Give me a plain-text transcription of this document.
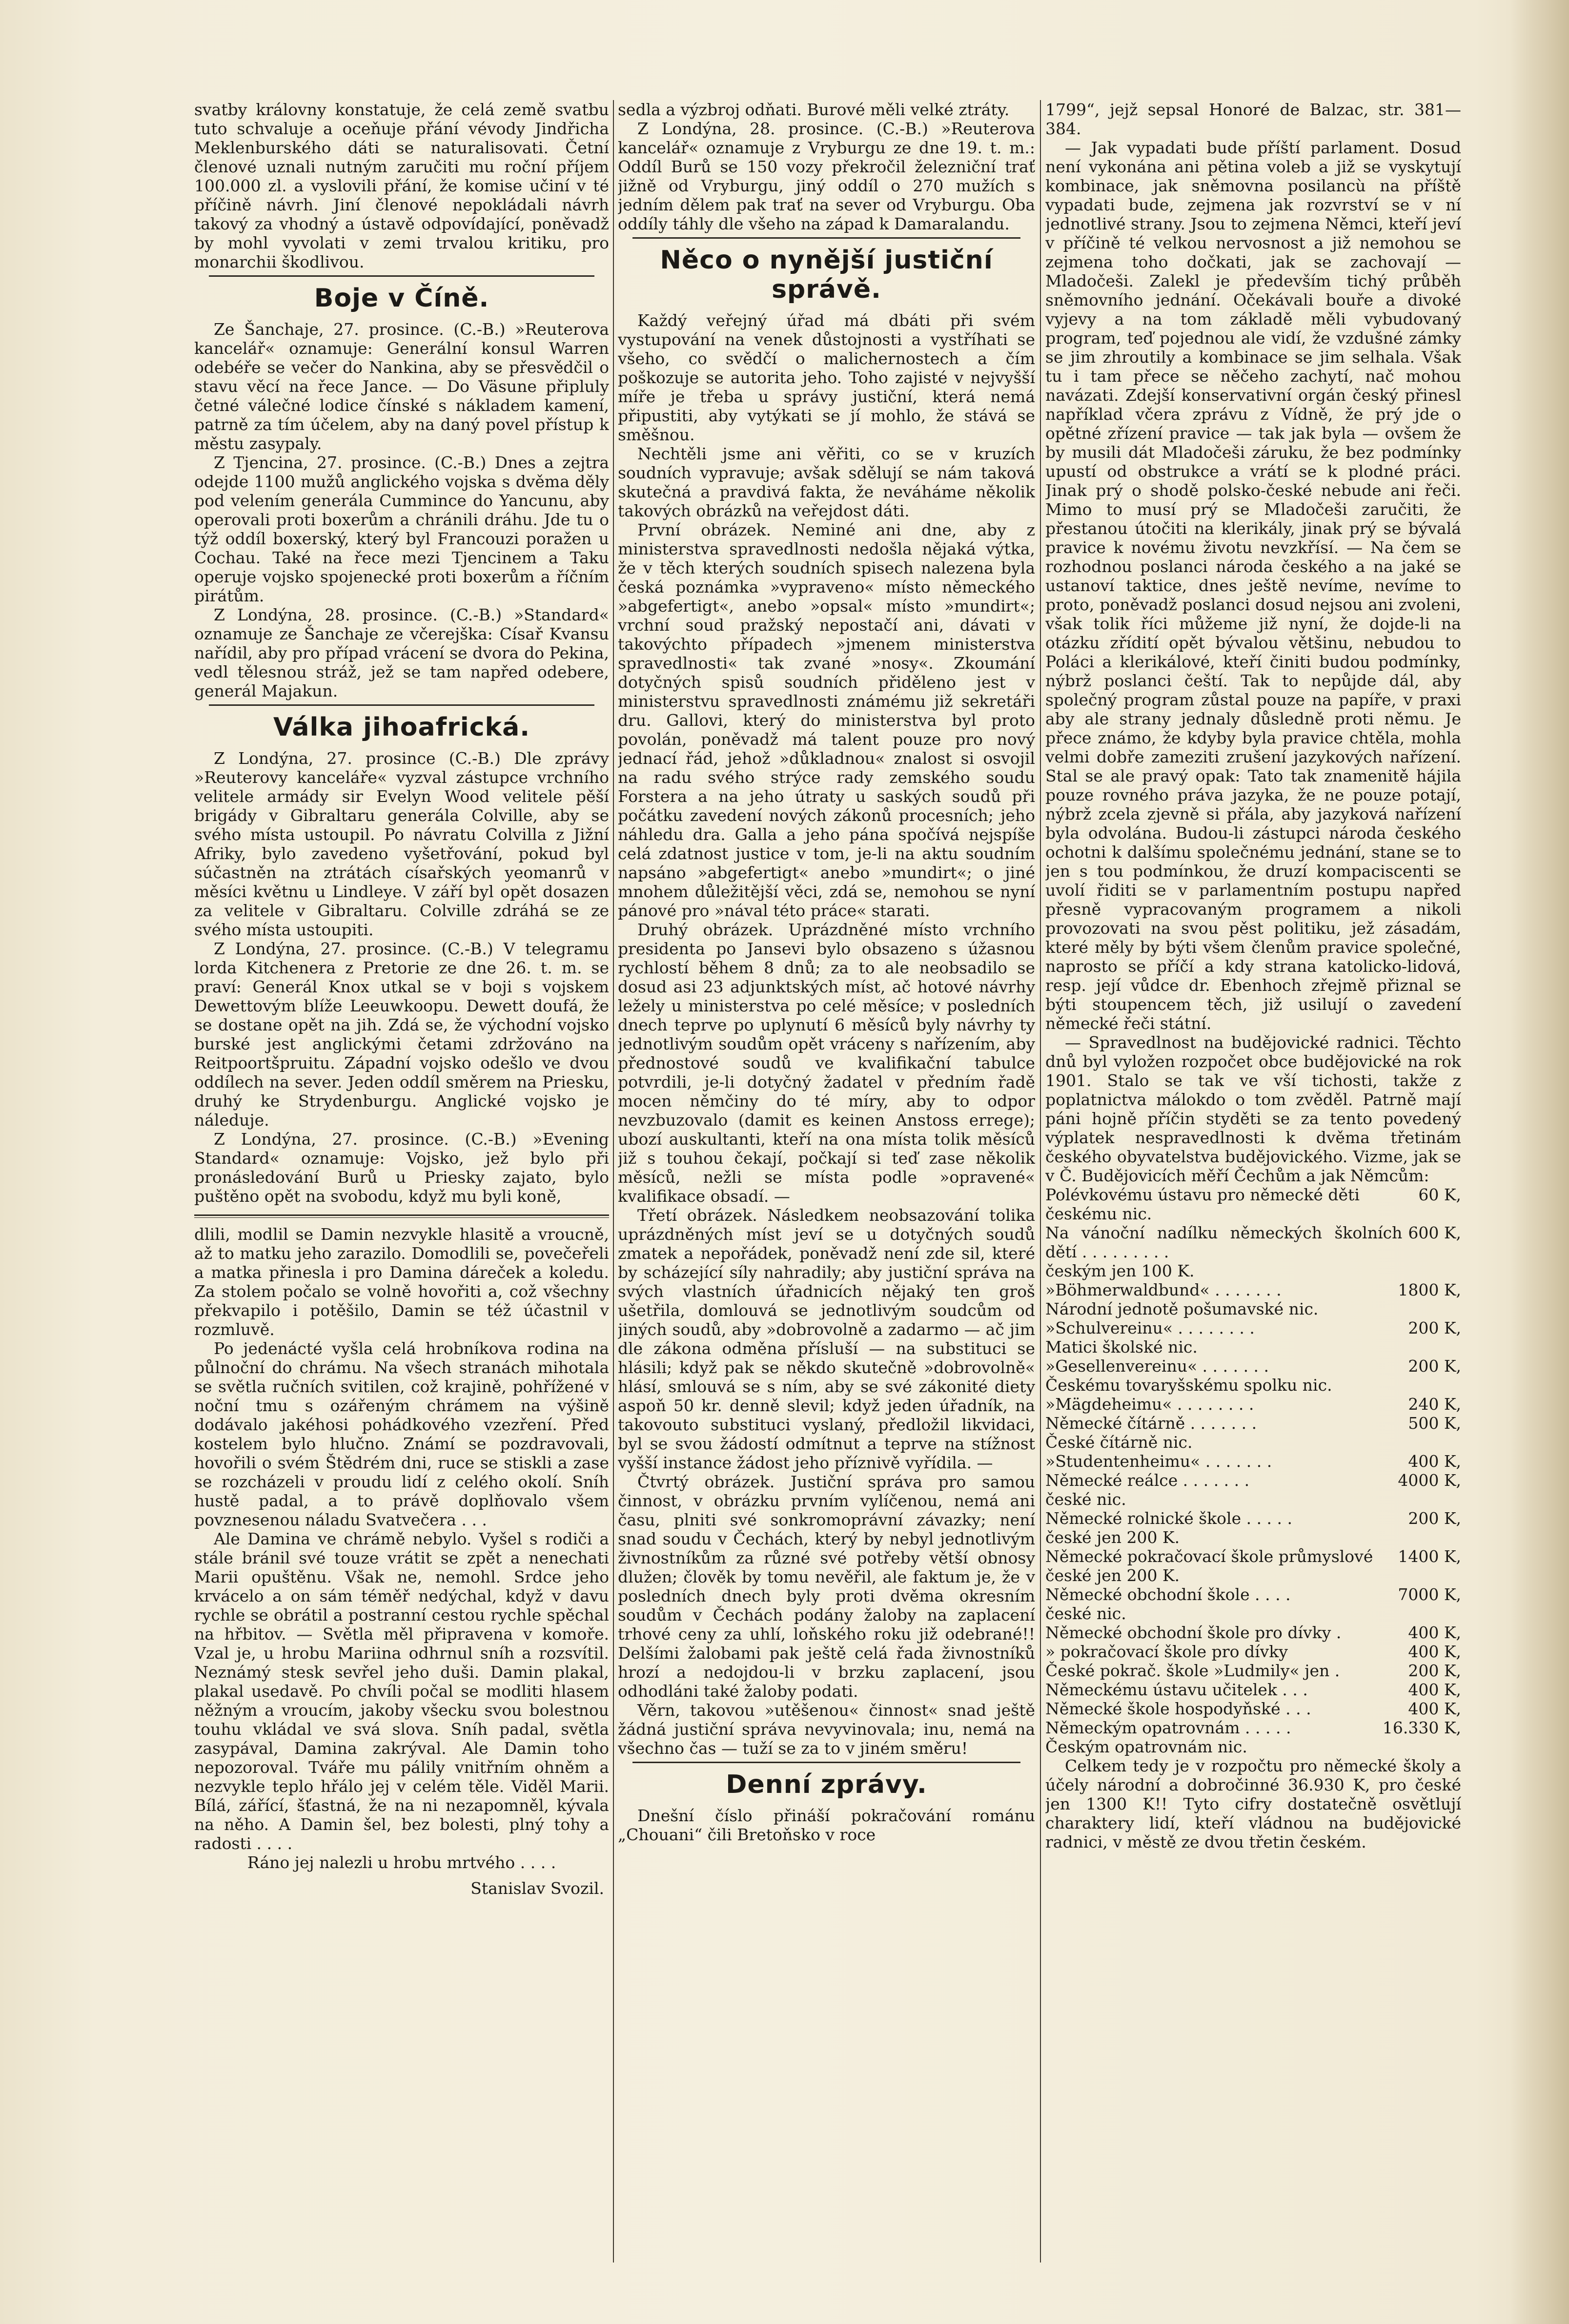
svatby královny konstatuje, že celá země svatbu tuto schvaluje a oceňuje přání vévody Jindřicha Meklenburského dáti se naturalisovati. Četní členové uznali nutným zaručiti mu roční příjem 100.000 zl. a vyslovili přání, že komise učiní v té příčině návrh. Jiní členové nepokládali návrh takový za vhodný a ústavě odpovídající, poněvadž by mohl vyvolati v zemi trvalou kritiku, pro monarchii škodlivou.

Boje v Číně.

Ze Šanchaje, 27. prosince. (C.-B.) »Reuterova kancelář« oznamuje: Generální konsul Warren odebéře se večer do Nankina, aby se přesvědčil o stavu věcí na řece Jance. — Do Väsune připluly četné válečné lodice čínské s nákladem kamení, patrně za tím účelem, aby na daný povel přístup k městu zasypaly.

Z Tjencina, 27. prosince. (C.-B.) Dnes a zejtra odejde 1100 mužů anglického vojska s dvěma děly pod velením generála Cummince do Yancunu, aby operovali proti boxerům a chránili dráhu. Jde tu o týž oddíl boxerský, který byl Francouzi poražen u Cochau. Také na řece mezi Tjencinem a Taku operuje vojsko spojenecké proti boxerům a říčním pirátům.

Z Londýna, 28. prosince. (C.-B.) »Standard« oznamuje ze Šanchaje ze včerejška: Císař Kvansu nařídil, aby pro případ vrácení se dvora do Pekina, vedl tělesnou stráž, jež se tam napřed odebere, generál Majakun.

Válka jihoafrická.

Z Londýna, 27. prosince (C.-B.) Dle zprávy »Reuterovy kanceláře« vyzval zástupce vrchního velitele armády sir Evelyn Wood velitele pěší brigády v Gibraltaru generála Colville, aby se svého místa ustoupil. Po návratu Colvilla z Jižní Afriky, bylo zavedeno vyšetřování, pokud byl súčastněn na ztrátách císařských yeomanrů v měsíci květnu u Lindleye. V září byl opět dosazen za velitele v Gibraltaru. Colville zdráhá se ze svého místa ustoupiti.

Z Londýna, 27. prosince. (C.-B.) V telegramu lorda Kitchenera z Pretorie ze dne 26. t. m. se praví: Generál Knox utkal se v boji s vojskem Dewettovým blíže Leeuwkoopu. Dewett doufá, že se dostane opět na jih. Zdá se, že východní vojsko burské jest anglickými četami zdržováno na Reitpoortšpruitu. Západní vojsko odešlo ve dvou oddílech na sever. Jeden oddíl směrem na Priesku, druhý ke Strydenburgu. Anglické vojsko je náleduje.

Z Londýna, 27. prosince. (C.-B.) »Evening Standard« oznamuje: Vojsko, jež bylo při pronásledování Burů u Priesky zajato, bylo puštěno opět na svobodu, když mu byli koně,

dlili, modlil se Damin nezvykle hlasitě a vroucně, až to matku jeho zarazilo. Domodlili se, povečeřeli a matka přinesla i pro Damina dáreček a koledu. Za stolem počalo se volně hovořiti a, což všechny překvapilo i potěšilo, Damin se též účastnil v rozmluvě.

Po jedenácté vyšla celá hrobníkova rodina na půlnoční do chrámu. Na všech stranách mihotala se světla ručních svitilen, což krajině, pohřížené v noční tmu s ozářeným chrámem na výšině dodávalo jakéhosi pohádkového vzezření. Před kostelem bylo hlučno. Známí se pozdravovali, hovořili o svém Štědrém dni, ruce se stiskli a zase se rozcházeli v proudu lidí z celého okolí. Sníh hustě padal, a to právě doplňovalo všem povznesenou náladu Svatvečera . . .

Ale Damina ve chrámě nebylo. Vyšel s rodiči a stále bránil své touze vrátit se zpět a nenechati Marii opuštěnu. Však ne, nemohl. Srdce jeho krvácelo a on sám téměř nedýchal, když v davu rychle se obrátil a postranní cestou rychle spěchal na hřbitov. — Světla měl připravena v komoře. Vzal je, u hrobu Mariina odhrnul sníh a rozsvítil. Neznámý stesk sevřel jeho duši. Damin plakal, plakal usedavě. Po chvíli počal se modliti hlasem něžným a vroucím, jakoby všecku svou bolestnou touhu vkládal ve svá slova. Sníh padal, světla zasypával, Damina zakrýval. Ale Damin toho nepozoroval. Tváře mu pálily vnitřním ohněm a nezvykle teplo hřálo jej v celém těle. Viděl Marii. Bílá, zářící, šťastná, že na ni nezapomněl, kývala na něho. A Damin šel, bez bolesti, plný tohy a radosti . . . .

Ráno jej nalezli u hrobu mrtvého . . . .

Stanislav Svozil.

sedla a výzbroj odňati. Burové měli velké ztráty.

Z Londýna, 28. prosince. (C.-B.) »Reuterova kancelář« oznamuje z Vryburgu ze dne 19. t. m.: Oddíl Burů se 150 vozy překročil železniční trať jižně od Vryburgu, jiný oddíl o 270 mužích s jedním dělem pak trať na sever od Vryburgu. Oba oddíly táhly dle všeho na západ k Damaralandu.

Něco o nynější justiční správě.

Každý veřejný úřad má dbáti při svém vystupování na venek důstojnosti a vystříhati se všeho, co svědčí o malichernostech a čím poškozuje se autorita jeho. Toho zajisté v nejvyšší míře je třeba u správy justiční, která nemá připustiti, aby vytýkati se jí mohlo, že stává se směšnou.

Nechtěli jsme ani věřiti, co se v kruzích soudních vypravuje; avšak sdělují se nám taková skutečná a pravdivá fakta, že neváháme několik takových obrázků na veřejdost dáti.

První obrázek. Neminé ani dne, aby z ministerstva spravedlnosti nedošla nějaká výtka, že v těch kterých soudních spisech nalezena byla česká poznámka »vypraveno« místo německého »abgefertigt«, anebo »opsal« místo »mundirt«; vrchní soud pražský nepostačí ani, dávati v takovýchto případech »jmenem ministerstva spravedlnosti« tak zvané »nosy«. Zkoumání dotyčných spisů soudních přiděleno jest v ministerstvu spravedlnosti známému již sekretáři dru. Gallovi, který do ministerstva byl proto povolán, poněvadž má talent pouze pro nový jednací řád, jehož »důkladnou« znalost si osvojil na radu svého strýce rady zemského soudu Forstera a na jeho útraty u saských soudů při počátku zavedení nových zákonů procesních; jeho náhledu dra. Galla a jeho pána spočívá nejspíše celá zdatnost justice v tom, je-li na aktu soudním napsáno »abgefertigt« anebo »mundirt«; o jiné mnohem důležitější věci, zdá se, nemohou se nyní pánové pro »nával této práce« starati.

Druhý obrázek. Uprázdněné místo vrchního presidenta po Jansevi bylo obsazeno s úžasnou rychlostí během 8 dnů; za to ale neobsadilo se dosud asi 23 adjunktských míst, ač hotové návrhy ležely u ministerstva po celé měsíce; v posledních dnech teprve po uplynutí 6 měsíců byly návrhy ty jednotlivým soudům opět vráceny s nařízením, aby přednostové soudů ve kvalifikační tabulce potvrdili, je-li dotyčný žadatel v předním řadě mocen němčiny do té míry, aby to odpor nevzbuzovalo (damit es keinen Anstoss errege); ubozí auskultanti, kteří na ona místa tolik měsíců již s touhou čekají, počkají si teď zase několik měsíců, nežli se místa podle »opravené« kvalifikace obsadí. —

Třetí obrázek. Následkem neobsazování tolika uprázdněných míst jeví se u dotyčných soudů zmatek a nepořádek, poněvadž není zde sil, které by scházející síly nahradily; aby justiční správa na svých vlastních úřadnicích nějaký ten groš ušetřila, domlouvá se jednotlivým soudcům od jiných soudů, aby »dobrovolně a zadarmo — ač jim dle zákona odměna přísluší — na substituci se hlásili; když pak se někdo skutečně »dobrovolně« hlásí, smlouvá se s ním, aby se své zákonité diety aspoň 50 kr. denně slevil; když jeden úřadník, na takovouto substituci vyslaný, předložil likvidaci, byl se svou žádostí odmítnut a teprve na stížnost vyšší instance žádost jeho příznivě vyřídila. —

Čtvrtý obrázek. Justiční správa pro samou činnost, v obrázku prvním vylíčenou, nemá ani času, plniti své sonkromoprávní závazky; není snad soudu v Čechách, který by nebyl jednotlivým živnostníkům za různé své potřeby větší obnosy dlužen; člověk by tomu nevěřil, ale faktum je, že v posledních dnech byly proti dvěma okresním soudům v Čechách podány žaloby na zaplacení trhové ceny za uhlí, loňského roku již odebrané!! Delšími žalobami pak ještě celá řada živnostníků hrozí a nedojdou-li v brzku zaplacení, jsou odhodláni také žaloby podati.

Věrn, takovou »utěšenou« činnost« snad ještě žádná justiční správa nevyvinovala; inu, nemá na všechno čas — tuží se za to v jiném směru!

Denní zprávy.

Dnešní číslo přináší pokračování románu „Chouani“ čili Bretoňsko v roce

1799“, jejž sepsal Honoré de Balzac, str. 381—384.

— Jak vypadati bude příští parlament. Dosud není vykonána ani pětina voleb a již se vyskytují kombinace, jak sněmovna posilancù na příště vypadati bude, zejmena jak rozvrství se v ní jednotlivé strany. Jsou to zejmena Němci, kteří jeví v příčině té velkou nervosnost a již nemohou se zejmena toho dočkati, jak se zachovají — Mladočeši. Zalekl je především tichý průběh sněmovního jednání. Očekávali bouře a divoké vyjevy a na tom základě měli vybudovaný program, teď pojednou ale vidí, že vzdušné zámky se jim zhroutily a kombinace se jim selhala. Však tu i tam přece se něčeho zachytí, nač mohou navázati. Zdejší konservativní orgán český přinesl například včera zprávu z Vídně, že prý jde o opětné zřízení pravice — tak jak byla — ovšem že by musili dát Mladočeši záruku, že bez podmínky upustí od obstrukce a vrátí se k plodné práci. Jinak prý o shodě polsko-české nebude ani řeči. Mimo to musí prý se Mladočeši zaručiti, že přestanou útočiti na klerikály, jinak prý se bývalá pravice k novému životu nevzkřísí. — Na čem se rozhodnou poslanci národa českého a na jaké se ustanoví taktice, dnes ještě nevíme, nevíme to proto, poněvadž poslanci dosud nejsou ani zvoleni, však tolik říci můžeme již nyní, že dojde-li na otázku zřídití opět bývalou většinu, nebudou to Poláci a klerikálové, kteří činiti budou podmínky, nýbrž poslanci čeští. Tak to nepůjde dál, aby společný program zůstal pouze na papíře, v praxi aby ale strany jednaly důsledně proti němu. Je přece známo, že kdyby byla pravice chtěla, mohla velmi dobře zameziti zrušení jazykových nařízení. Stal se ale pravý opak: Tato tak znamenitě hájila pouze rovného práva jazyka, že ne pouze potají, nýbrž zcela zjevně si přála, aby jazyková nařízení byla odvolána. Budou-li zástupci národa českého ochotni k dalšímu společnému jednání, stane se to jen s tou podmínkou, že druzí kompaciscenti se uvolí řiditi se v parlamentním postupu napřed přesně vypracovaným programem a nikoli provozovati na svou pěst politiku, jež zásadám, které měly by býti všem členům pravice společné, naprosto se příčí a kdy strana katolicko-lidová, resp. její vůdce dr. Ebenhoch zřejmě přiznal se býti stoupencem těch, již usilují o zavedení německé řeči státní.

— Spravedlnost na budějovické radnici. Těchto dnů byl vyložen rozpočet obce budějovické na rok 1901. Stalo se tak ve vší tichosti, takže z poplatnictva málokdo o tom zvěděl. Patrně mají páni hojně příčin styděti se za tento povedený výplatek nespravedlnosti k dvěma třetinám českého obyvatelstva budějovického. Vizme, jak se v Č. Budějovicích měří Čechům a jak Němcům:

Polévkovému ústavu pro německé děti	60 K,
českému nic.
Na vánoční nadílku německých školních dětí . . . . . . . . .
600 K,
českým jen 100 K.
»Böhmerwaldbund« . . . . . . .	1800 K,
Národní jednotě pošumavské nic.
»Schulvereinu« . . . . . . . .	200 K,
Matici školské nic.
»Gesellenvereinu« . . . . . . .	200 K,
Českému tovaryšskému spolku nic.
»Mägdeheimu« . . . . . . . .	240 K,
Německé čítárně . . . . . . .	500 K,
České čítárně nic.
»Studentenheimu« . . . . . . .	400 K,
Německé reálce . . . . . . .	4000 K,
české nic.
Německé rolnické škole . . . . .	200 K,
české jen 200 K.
Německé pokračovací škole průmyslové	1400 K,
české jen 200 K.
Německé obchodní škole . . . .	7000 K,
české nic.
Německé obchodní škole pro dívky .	400 K,
» pokračovací škole pro dívky	400 K,
České pokrač. škole »Ludmily« jen .	200 K,
Německému ústavu učitelek . . .	400 K,
Německé škole hospodyňské . . .	400 K,
Německým opatrovnám . . . . .	16.330 K,
Českým opatrovnám nic.

Celkem tedy je v rozpočtu pro německé školy a účely národní a dobročinné 36.930 K, pro české jen 1300 K!! Tyto cifry dostatečně osvětlují charaktery lidí, kteří vládnou na budějovické radnici, v městě ze dvou třetin českém.
